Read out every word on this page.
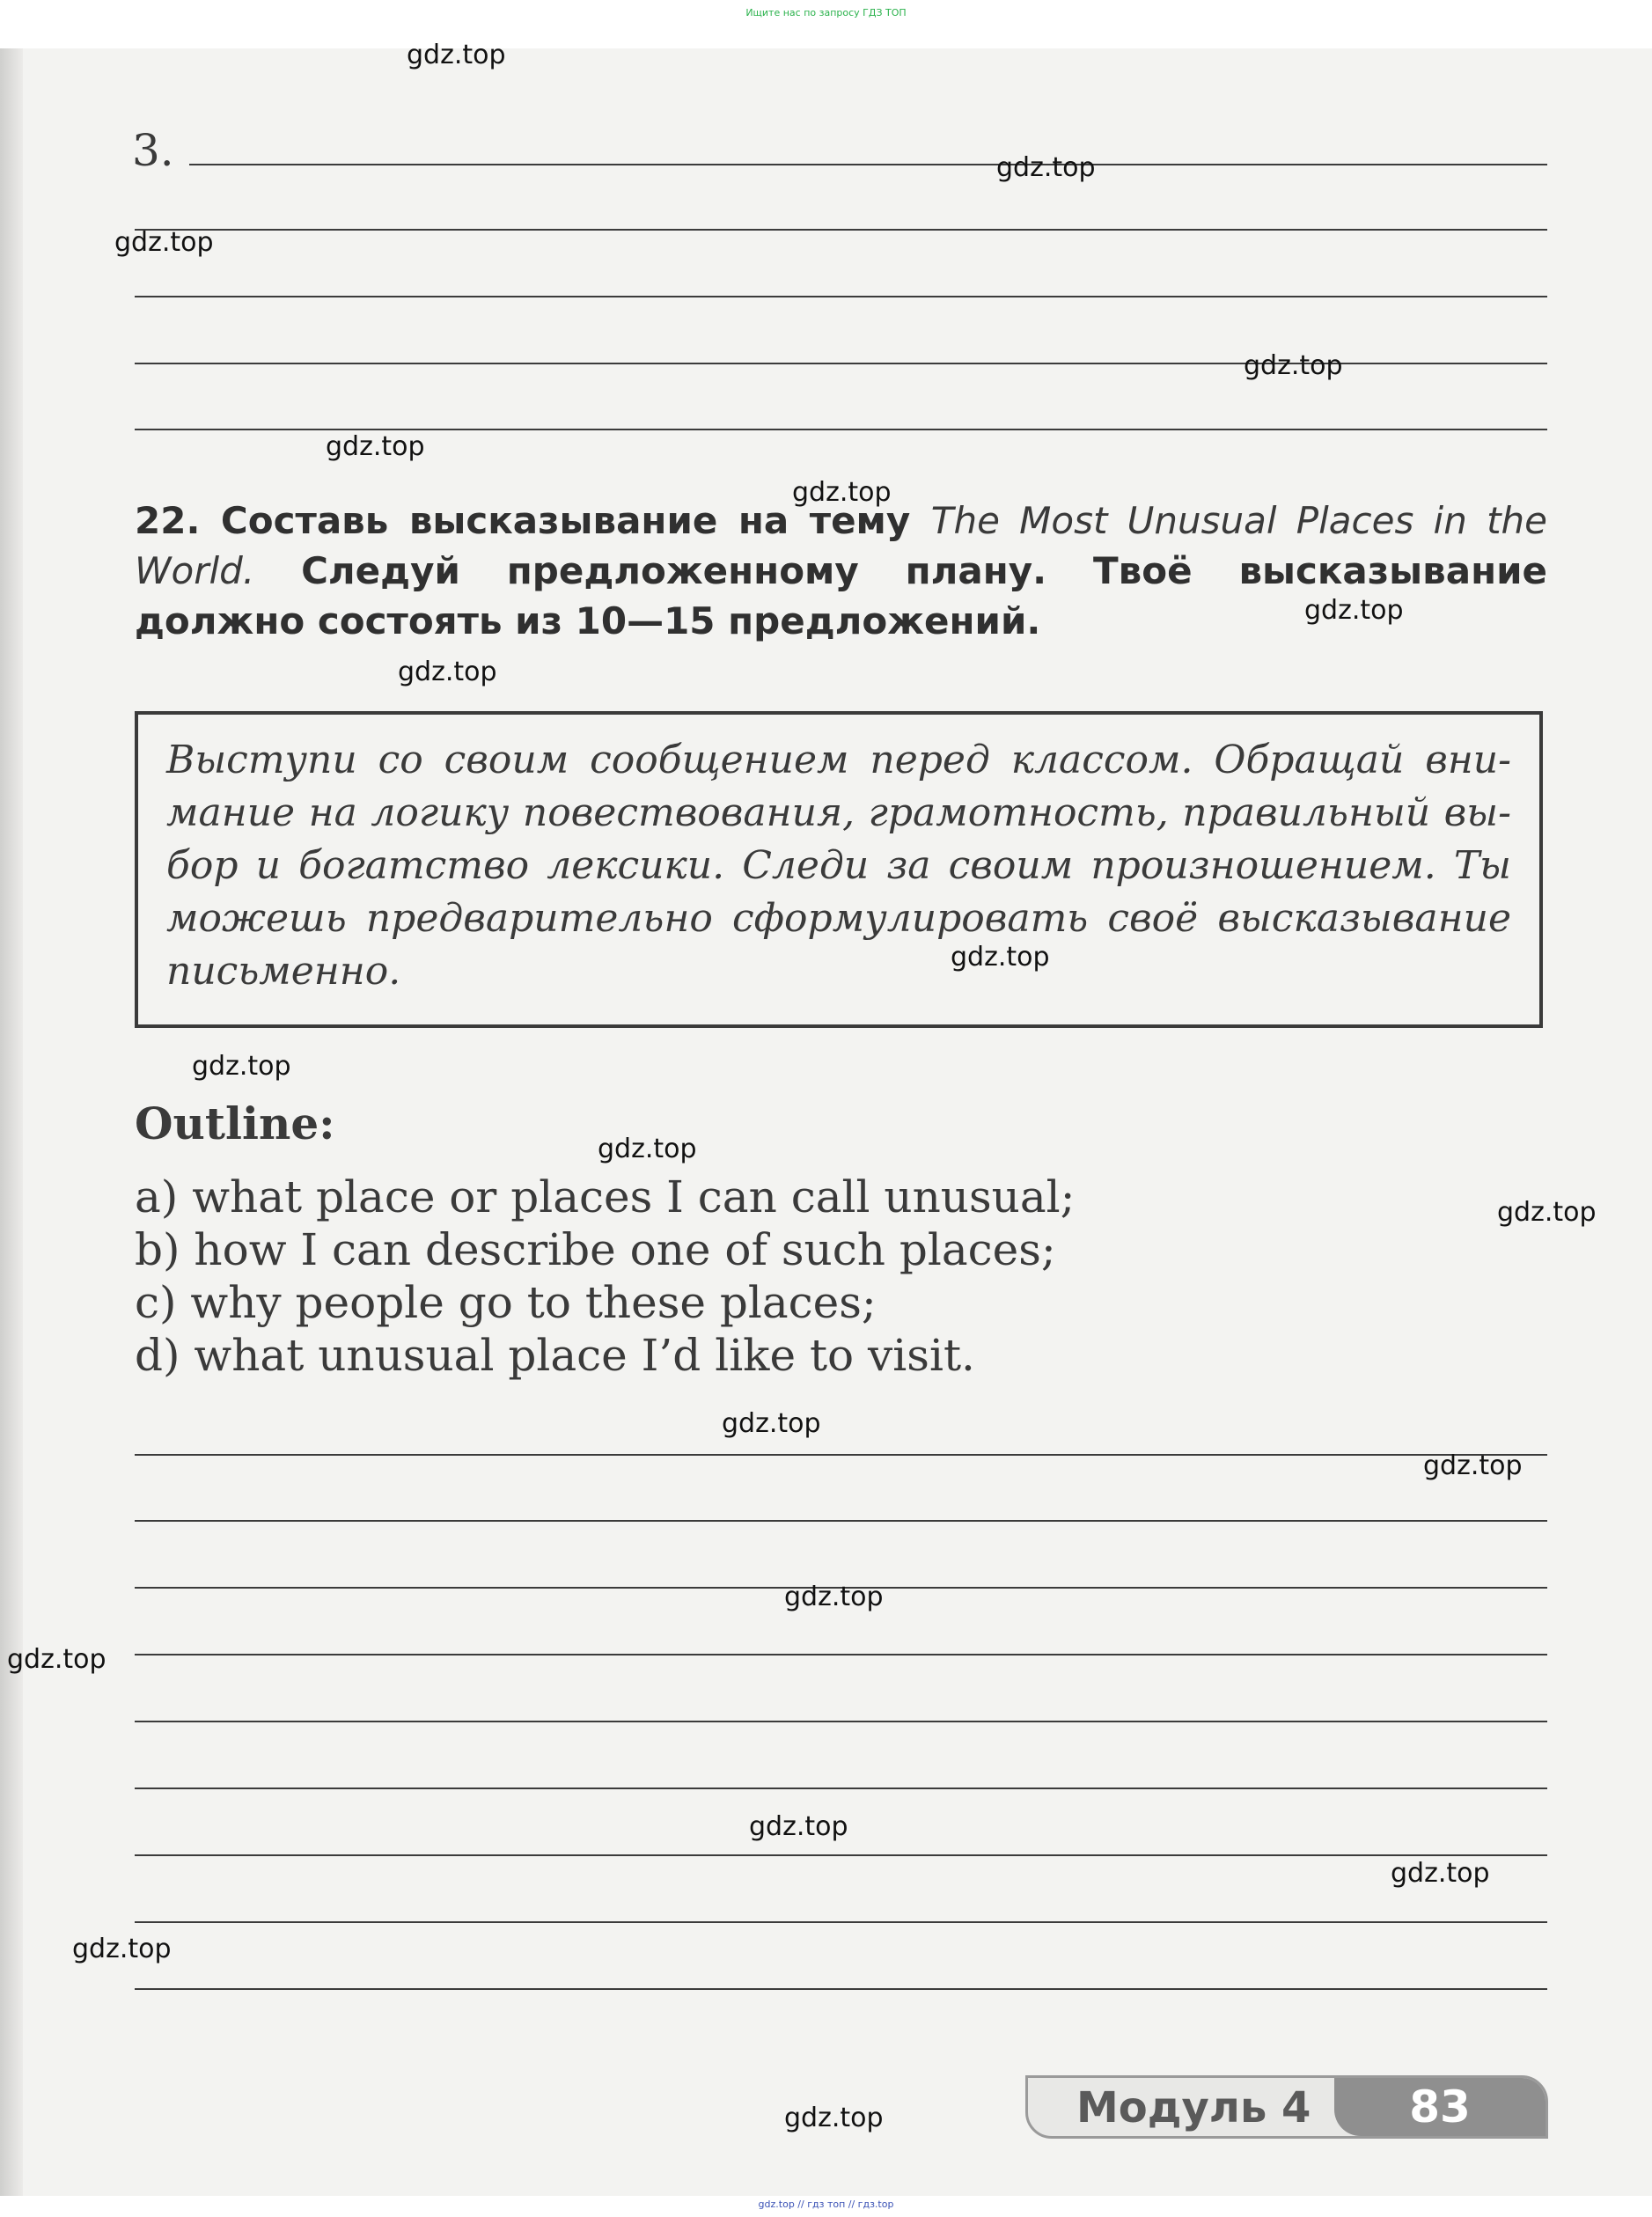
Ищите нас по запросу ГДЗ ТОП
3.
22. Составь высказывание на тему The Most Unusual Places in the World. Следуй предложенному плану. Твоё высказывание должно состоять из 10—15 предложений.
Выступи со своим сообщением перед классом. Обращай вни-мание на логику повествования, грамотность, правильный вы-бор и богатство лексики. Следи за своим произношением. Ты можешь предварительно сформулировать своё высказывание письменно.
Outline:
a) what place or places I can call unusual;
b) how I can describe one of such places;
c) why people go to these places;
d) what unusual place I’d like to visit.
Модуль 4	83
gdz.top
gdz.top
gdz.top
gdz.top
gdz.top
gdz.top
gdz.top
gdz.top
gdz.top
gdz.top
gdz.top
gdz.top
gdz.top
gdz.top
gdz.top
gdz.top
gdz.top
gdz.top
gdz.top
gdz.top
gdz.top // гдз топ // гдз.top
